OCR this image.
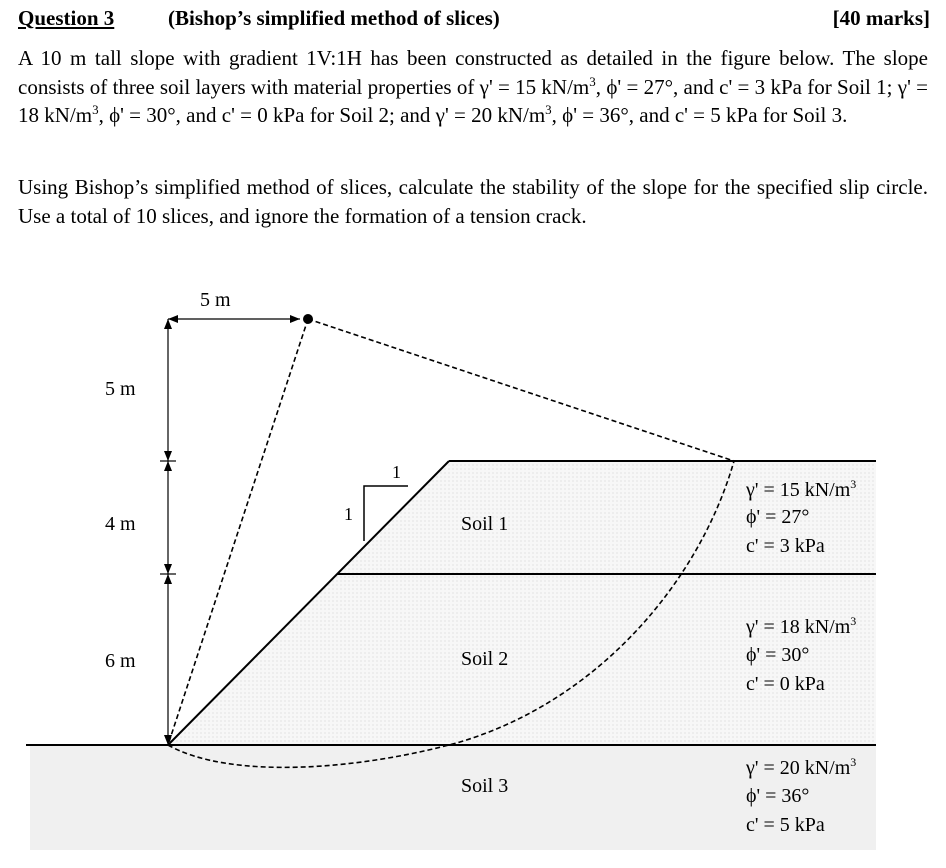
Question 3	(Bishop’s simplified method of slices)	[40 marks]

A 10 m tall slope with gradient 1V:1H has been constructed as detailed in the figure below. The slope consists of three soil layers with material properties of γ' = 15 $kN/m^3$, ϕ' = 27°, and c' = 3 kPa for Soil 1; γ' = 18 $kN/m^3$, ϕ' = 30°, and c' = 0 kPa for Soil 2; and γ' = 20 $kN/m^3$, ϕ' = 36°, and c' = 5 kPa for Soil 3.

Using Bishop’s simplified method of slices, calculate the stability of the slope for the specified slip circle. Use a total of 10 slices, and ignore the formation of a tension crack.

1
1
5 m
5 m
4 m
6 m
Soil 1
Soil 2
Soil 3
γ' = 15 $kN/m^3$
ϕ' = 27°
c' = 3 kPa
γ' = 18 $kN/m^3$
ϕ' = 30°
c' = 0 kPa
γ' = 20 $kN/m^3$
ϕ' = 36°
c' = 5 kPa
